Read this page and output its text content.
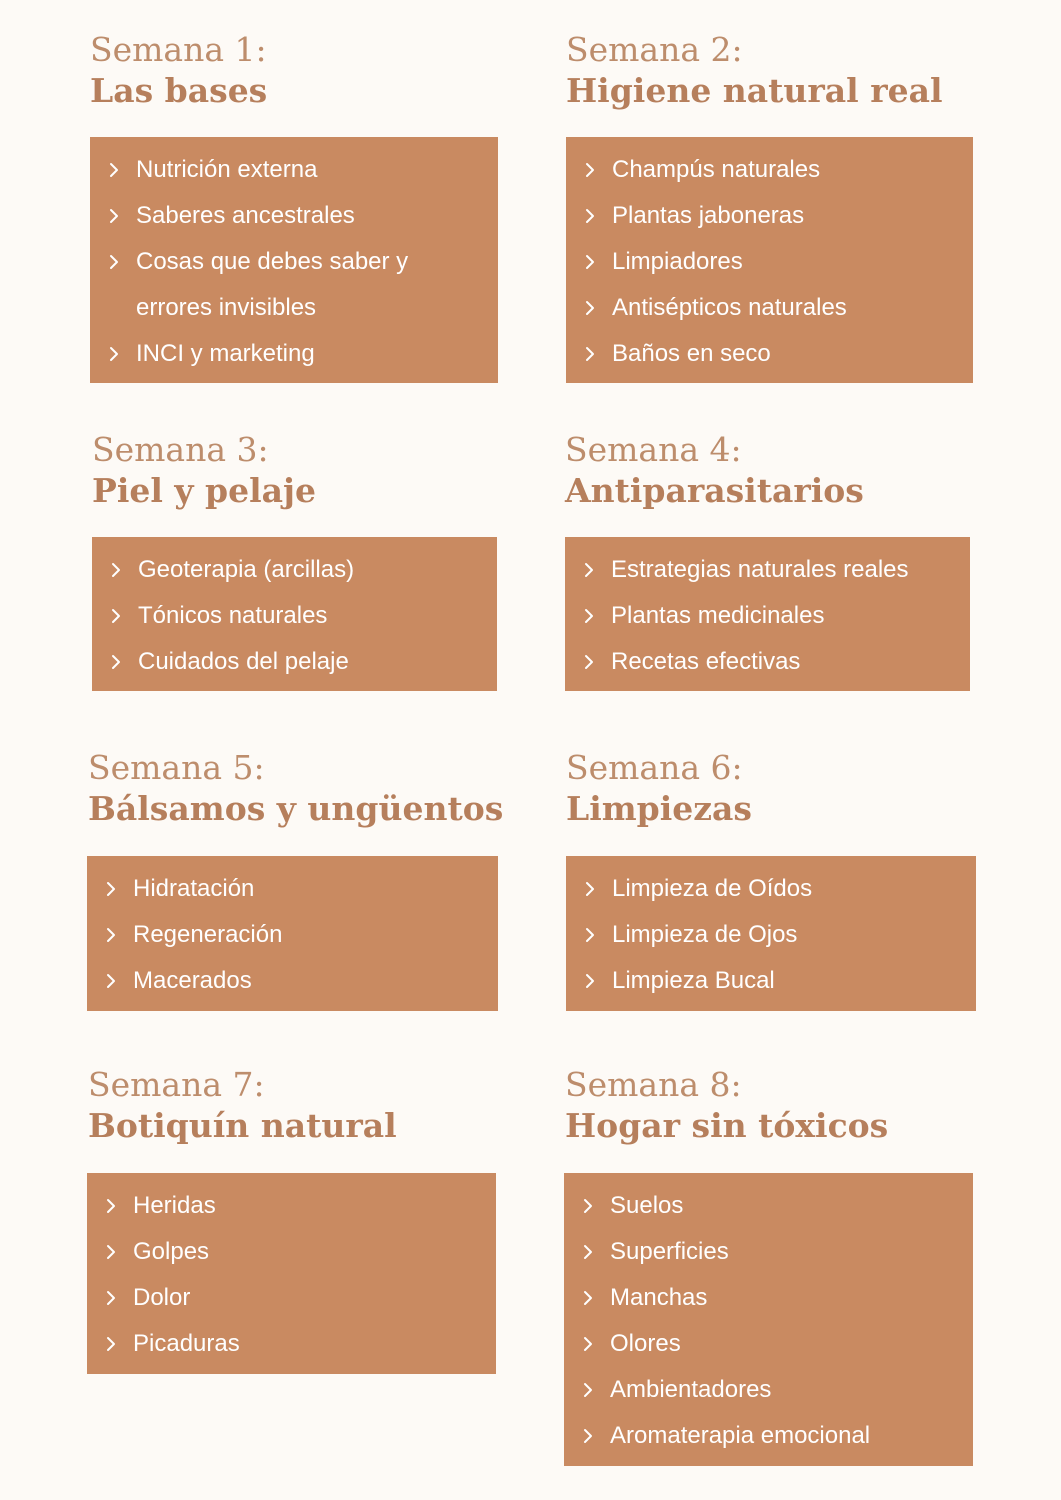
Semana 1:
Las bases
Nutrición externa
Saberes ancestrales
Cosas que debes saber y errores invisibles
INCI y marketing
Semana 2:
Higiene natural real
Champús naturales
Plantas jaboneras
Limpiadores
Antisépticos naturales
Baños en seco
Semana 3:
Piel y pelaje
Geoterapia (arcillas)
Tónicos naturales
Cuidados del pelaje
Semana 4:
Antiparasitarios
Estrategias naturales reales
Plantas medicinales
Recetas efectivas
Semana 5:
Bálsamos y ungüentos
Hidratación
Regeneración
Macerados
Semana 6:
Limpiezas
Limpieza de Oídos
Limpieza de Ojos
Limpieza Bucal
Semana 7:
Botiquín natural
Heridas
Golpes
Dolor
Picaduras
Semana 8:
Hogar sin tóxicos
Suelos
Superficies
Manchas
Olores
Ambientadores
Aromaterapia emocional
